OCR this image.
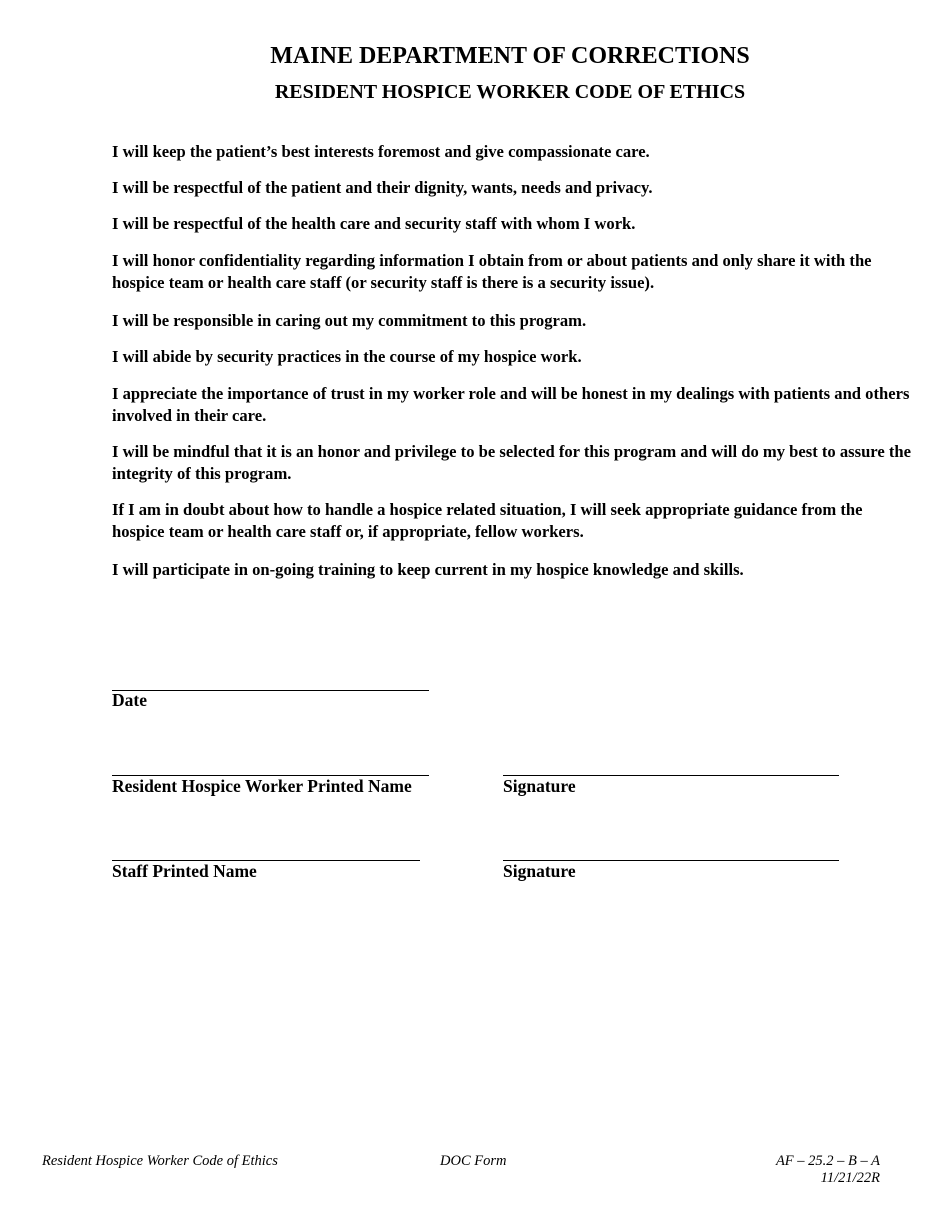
MAINE DEPARTMENT OF CORRECTIONS
RESIDENT HOSPICE WORKER CODE OF ETHICS

I will keep the patient’s best interests foremost and give compassionate care.

I will be respectful of the patient and their dignity, wants, needs and privacy.

I will be respectful of the health care and security staff with whom I work.

I will honor confidentiality regarding information I obtain from or about patients and only share it with the hospice team or health care staff (or security staff is there is a security issue).

I will be responsible in caring out my commitment to this program.

I will abide by security practices in the course of my hospice work.

I appreciate the importance of trust in my worker role and will be honest in my dealings with patients and others involved in their care.

I will be mindful that it is an honor and privilege to be selected for this program and will do my best to assure the integrity of this program.

If I am in doubt about how to handle a hospice related situation, I will seek appropriate guidance from the hospice team or health care staff or, if appropriate, fellow workers.

I will participate in on-going training to keep current in my hospice knowledge and skills.

Date

Resident Hospice Worker Printed Name	Signature

Staff Printed Name	Signature

Resident Hospice Worker Code of Ethics	DOC Form	AF – 25.2 – B – A

11/21/22R
